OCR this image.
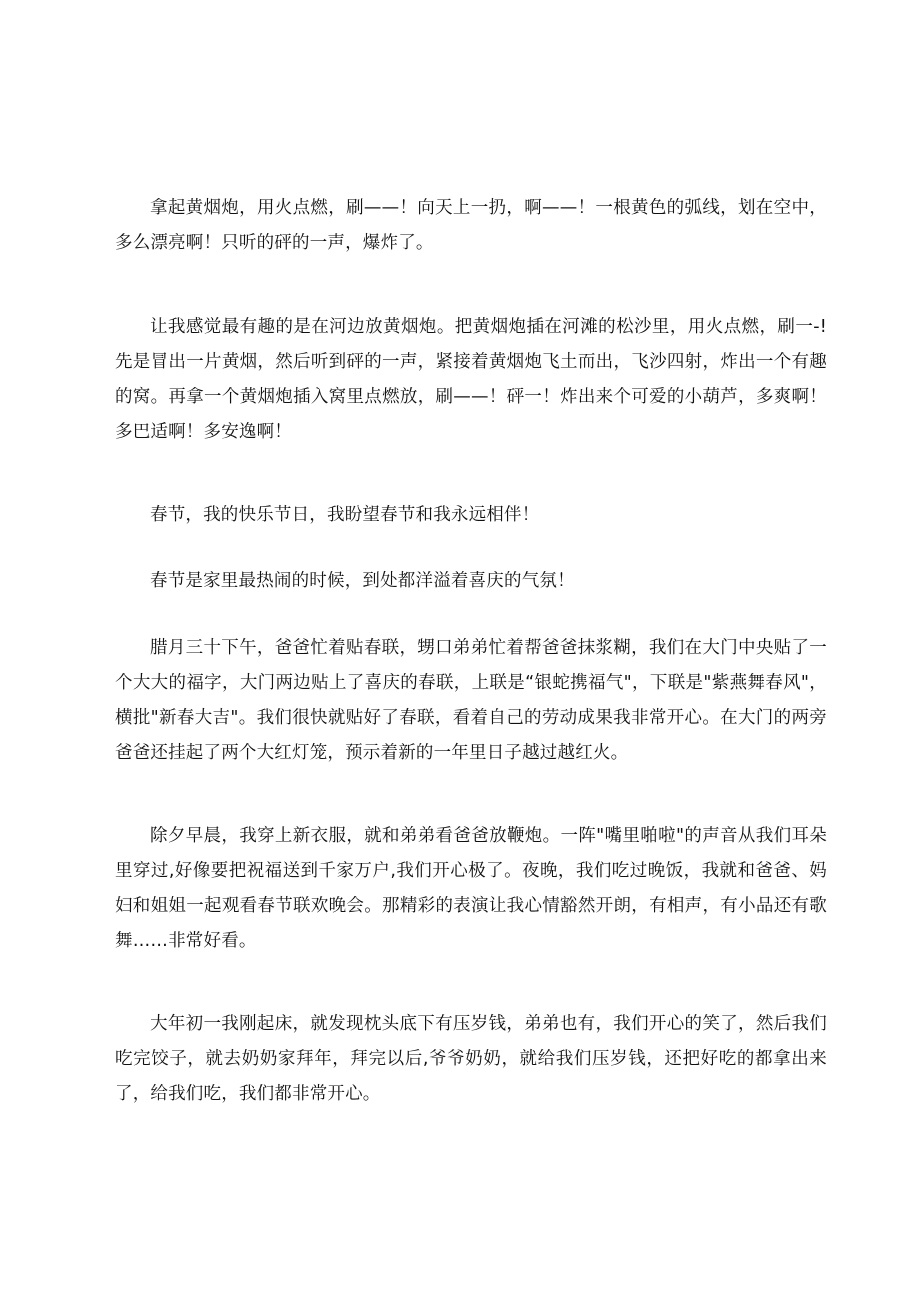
拿起黄烟炮，用火点燃，刷——！向天上一扔，啊——！一根黄色的弧线，划在空中，多么漂亮啊！只听的砰的一声，爆炸了。

让我感觉最有趣的是在河边放黄烟炮。把黄烟炮插在河滩的松沙里，用火点燃，刷一-!先是冒出一片黄烟，然后听到砰的一声，紧接着黄烟炮飞土而出，飞沙四射，炸出一个有趣的窝。再拿一个黄烟炮插入窝里点燃放，刷——！砰一！炸出来个可爱的小葫芦，多爽啊！多巴适啊！多安逸啊！

春节，我的快乐节日，我盼望春节和我永远相伴！

春节是家里最热闹的时候，到处都洋溢着喜庆的气氛！

腊月三十下午，爸爸忙着贴春联，甥口弟弟忙着帮爸爸抹浆糊，我们在大门中央贴了一个大大的福字，大门两边贴上了喜庆的春联，上联是“银蛇携福气"，下联是"紫燕舞春风"，横批"新春大吉"。我们很快就贴好了春联，看着自己的劳动成果我非常开心。在大门的两旁爸爸还挂起了两个大红灯笼，预示着新的一年里日子越过越红火。

除夕早晨，我穿上新衣服，就和弟弟看爸爸放鞭炮。一阵"嘴里啪啦"的声音从我们耳朵里穿过,好像要把祝福送到千家万户,我们开心极了。夜晚，我们吃过晚饭，我就和爸爸、妈妇和姐姐一起观看春节联欢晚会。那精彩的表演让我心情豁然开朗，有相声，有小品还有歌舞……非常好看。

大年初一我刚起床，就发现枕头底下有压岁钱，弟弟也有，我们开心的笑了，然后我们吃完饺子，就去奶奶家拜年，拜完以后,爷爷奶奶，就给我们压岁钱，还把好吃的都拿出来了，给我们吃，我们都非常开心。
